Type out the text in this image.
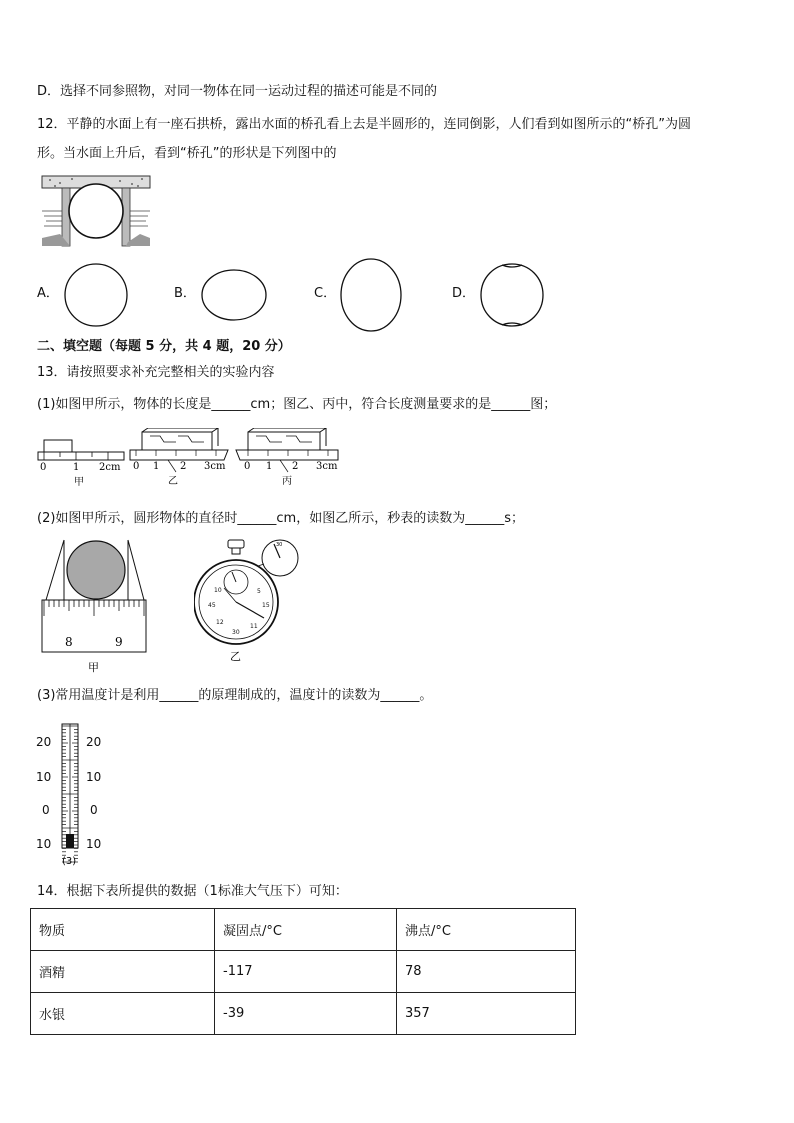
D．选择不同参照物，对同一物体在同一运动过程的描述可能是不同的
12．平静的水面上有一座石拱桥，露出水面的桥孔看上去是半圆形的，连同倒影，人们看到如图所示的“桥孔”为圆
形。当水面上升后，看到“桥孔”的形状是下列图中的
A．	B．	C．	D．
二、填空题（每题 5 分，共 4 题，20 分）
13．请按照要求补充完整相关的实验内容
(1)如图甲所示，物体的长度是______cm；图乙、丙中，符合长度测量要求的是______图；
0	1 2cm
甲
0 1 2 3cm
乙
0 1 2 3cm
丙
(2)如图甲所示，圆形物体的直径时______cm，如图乙所示，秒表的读数为______s；
8	9
甲
30
5
15
45
30
10
12
11
乙
(3)常用温度计是利用______的原理制成的，温度计的读数为______。
20
10
0
10
20
10
0
10
(3)
14．根据下表所提供的数据（1标准大气压下）可知：
物质	凝固点/°C	沸点/°C
酒精	-117	78
水银	-39	357
